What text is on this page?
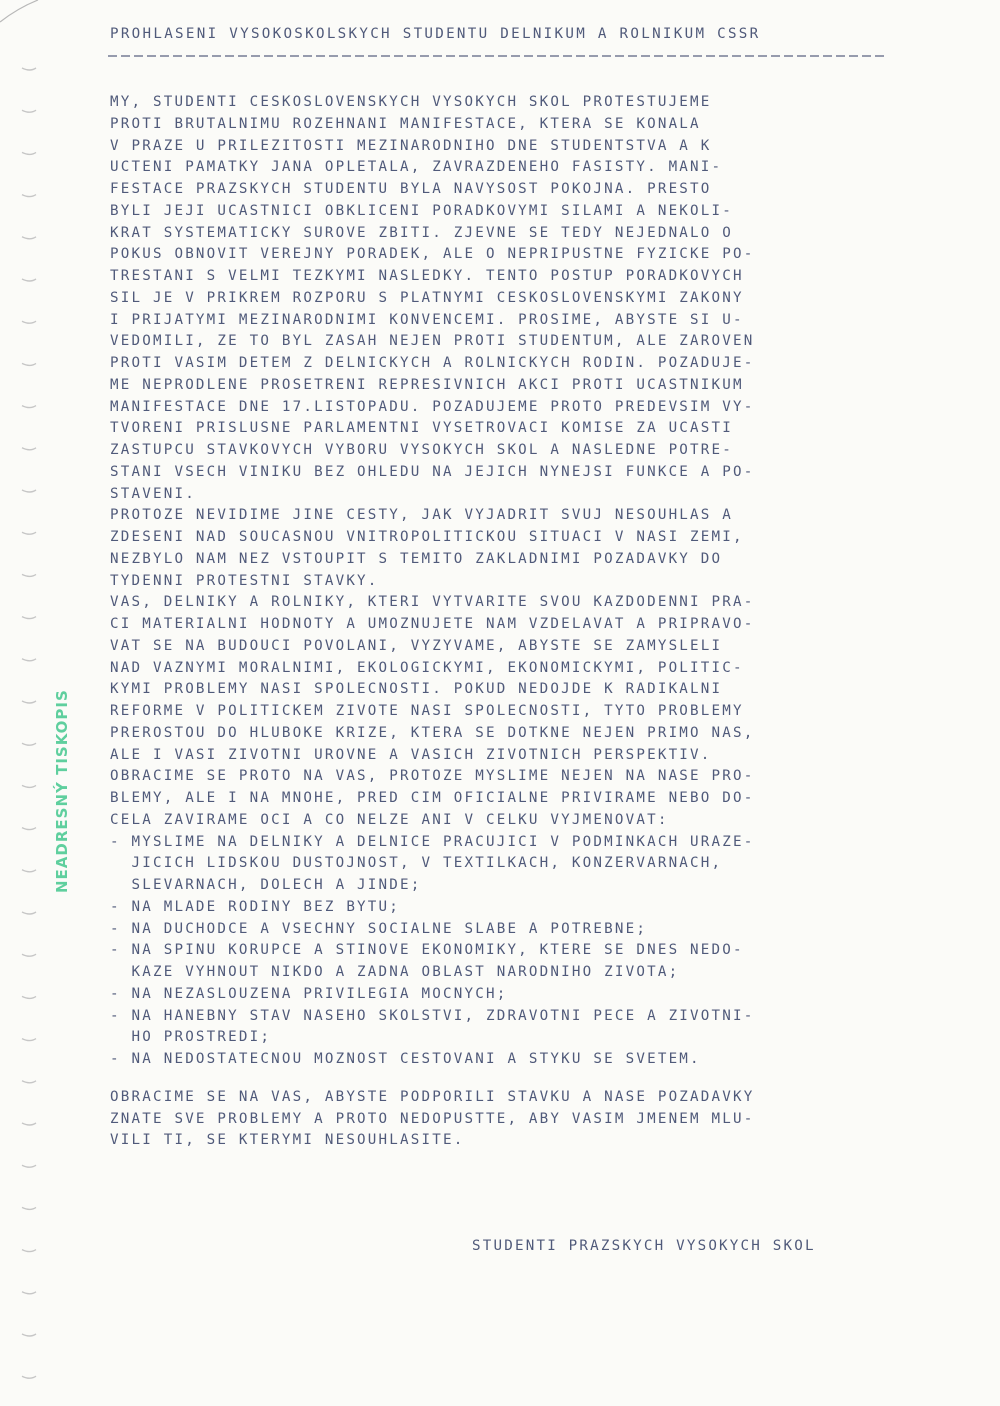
NEADRESNÝ TISKOPIS
PROHLASENI VYSOKOSKOLSKYCH STUDENTU DELNIKUM A ROLNIKUM CSSR
MY, STUDENTI CESKOSLOVENSKYCH VYSOKYCH SKOL PROTESTUJEME
PROTI BRUTALNIMU ROZEHNANI MANIFESTACE, KTERA SE KONALA
V PRAZE U PRILEZITOSTI MEZINARODNIHO DNE STUDENTSTVA A K
UCTENI PAMATKY JANA OPLETALA, ZAVRAZDENEHO FASISTY. MANI-
FESTACE PRAZSKYCH STUDENTU BYLA NAVYSOST POKOJNA. PRESTO
BYLI JEJI UCASTNICI OBKLICENI PORADKOVYMI SILAMI A NEKOLI-
KRAT SYSTEMATICKY SUROVE ZBITI. ZJEVNE SE TEDY NEJEDNALO O
POKUS OBNOVIT VEREJNY PORADEK, ALE O NEPRIPUSTNE FYZICKE PO-
TRESTANI S VELMI TEZKYMI NASLEDKY. TENTO POSTUP PORADKOVYCH
SIL JE V PRIKREM ROZPORU S PLATNYMI CESKOSLOVENSKYMI ZAKONY
I PRIJATYMI MEZINARODNIMI KONVENCEMI. PROSIME, ABYSTE SI U-
VEDOMILI, ZE TO BYL ZASAH NEJEN PROTI STUDENTUM, ALE ZAROVEN
PROTI VASIM DETEM Z DELNICKYCH A ROLNICKYCH RODIN. POZADUJE-
ME NEPRODLENE PROSETRENI REPRESIVNICH AKCI PROTI UCASTNIKUM
MANIFESTACE DNE 17.LISTOPADU. POZADUJEME PROTO PREDEVSIM VY-
TVORENI PRISLUSNE PARLAMENTNI VYSETROVACI KOMISE ZA UCASTI
ZASTUPCU STAVKOVYCH VYBORU VYSOKYCH SKOL A NASLEDNE POTRE-
STANI VSECH VINIKU BEZ OHLEDU NA JEJICH NYNEJSI FUNKCE A PO-
STAVENI.
PROTOZE NEVIDIME JINE CESTY, JAK VYJADRIT SVUJ NESOUHLAS A
ZDESENI NAD SOUCASNOU VNITROPOLITICKOU SITUACI V NASI ZEMI,
NEZBYLO NAM NEZ VSTOUPIT S TEMITO ZAKLADNIMI POZADAVKY DO
TYDENNI PROTESTNI STAVKY.
VAS, DELNIKY A ROLNIKY, KTERI VYTVARITE SVOU KAZDODENNI PRA-
CI MATERIALNI HODNOTY A UMOZNUJETE NAM VZDELAVAT A PRIPRAVO-
VAT SE NA BUDOUCI POVOLANI, VYZYVAME, ABYSTE SE ZAMYSLELI
NAD VAZNYMI MORALNIMI, EKOLOGICKYMI, EKONOMICKYMI, POLITIC-
KYMI PROBLEMY NASI SPOLECNOSTI. POKUD NEDOJDE K RADIKALNI
REFORME V POLITICKEM ZIVOTE NASI SPOLECNOSTI, TYTO PROBLEMY
PREROSTOU DO HLUBOKE KRIZE, KTERA SE DOTKNE NEJEN PRIMO NAS,
ALE I VASI ZIVOTNI UROVNE A VASICH ZIVOTNICH PERSPEKTIV.
OBRACIME SE PROTO NA VAS, PROTOZE MYSLIME NEJEN NA NASE PRO-
BLEMY, ALE I NA MNOHE, PRED CIM OFICIALNE PRIVIRAME NEBO DO-
CELA ZAVIRAME OCI A CO NELZE ANI V CELKU VYJMENOVAT:
- MYSLIME NA DELNIKY A DELNICE PRACUJICI V PODMINKACH URAZE-
JICICH LIDSKOU DUSTOJNOST, V TEXTILKACH, KONZERVARNACH,
SLEVARNACH, DOLECH A JINDE;
- NA MLADE RODINY BEZ BYTU;
- NA DUCHODCE A VSECHNY SOCIALNE SLABE A POTREBNE;
- NA SPINU KORUPCE A STINOVE EKONOMIKY, KTERE SE DNES NEDO-
KAZE VYHNOUT NIKDO A ZADNA OBLAST NARODNIHO ZIVOTA;
- NA NEZASLOUZENA PRIVILEGIA MOCNYCH;
- NA HANEBNY STAV NASEHO SKOLSTVI, ZDRAVOTNI PECE A ZIVOTNI-
HO PROSTREDI;
- NA NEDOSTATECNOU MOZNOST CESTOVANI A STYKU SE SVETEM.
OBRACIME SE NA VAS, ABYSTE PODPORILI STAVKU A NASE POZADAVKY
ZNATE SVE PROBLEMY A PROTO NEDOPUSTTE, ABY VASIM JMENEM MLU-
VILI TI, SE KTERYMI NESOUHLASITE.
STUDENTI PRAZSKYCH VYSOKYCH SKOL
